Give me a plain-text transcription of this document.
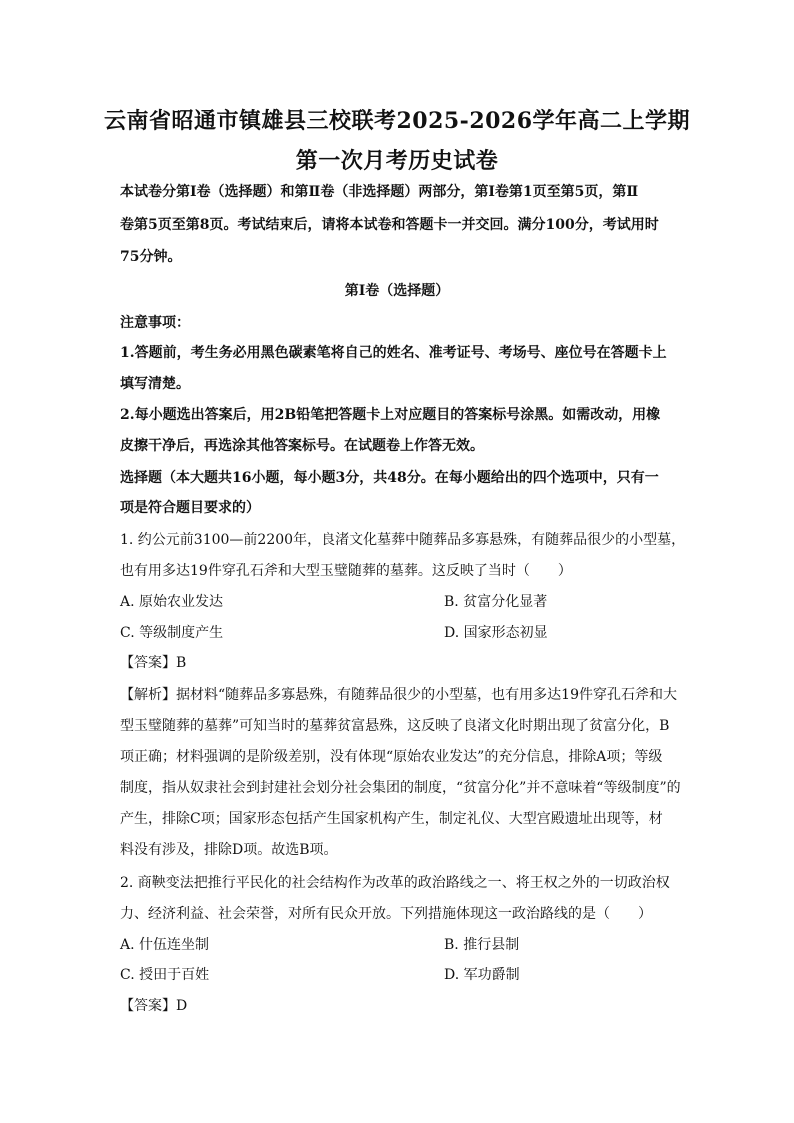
云南省昭通市镇雄县三校联考2025-2026学年高二上学期
第一次月考历史试卷
本试卷分第Ⅰ卷（选择题）和第Ⅱ卷（非选择题）两部分，第Ⅰ卷第1页至第5页，第Ⅱ
卷第5页至第8页。考试结束后，请将本试卷和答题卡一并交回。满分100分，考试用时
75分钟。
第Ⅰ卷（选择题）
注意事项：
1.答题前，考生务必用黑色碳素笔将自己的姓名、准考证号、考场号、座位号在答题卡上
填写清楚。
2.每小题选出答案后，用2B铅笔把答题卡上对应题目的答案标号涂黑。如需改动，用橡
皮擦干净后，再选涂其他答案标号。在试题卷上作答无效。
选择题（本大题共16小题，每小题3分，共48分。在每小题给出的四个选项中，只有一
项是符合题目要求的）
1. 约公元前3100—前2200年，良渚文化墓葬中随葬品多寡悬殊，有随葬品很少的小型墓，
也有用多达19件穿孔石斧和大型玉璧随葬的墓葬。这反映了当时（　　）
A. 原始农业发达	B. 贫富分化显著
C. 等级制度产生	D. 国家形态初显
【答案】B
【解析】据材料“随葬品多寡悬殊，有随葬品很少的小型墓，也有用多达19件穿孔石斧和大
型玉璧随葬的墓葬”可知当时的墓葬贫富悬殊，这反映了良渚文化时期出现了贫富分化，B
项正确；材料强调的是阶级差别，没有体现“原始农业发达”的充分信息，排除A项；等级
制度，指从奴隶社会到封建社会划分社会集团的制度，“贫富分化”并不意味着“等级制度”的
产生，排除C项；国家形态包括产生国家机构产生，制定礼仪、大型宫殿遗址出现等，材
料没有涉及，排除D项。故选B项。
2. 商鞅变法把推行平民化的社会结构作为改革的政治路线之一、将王权之外的一切政治权
力、经济利益、社会荣誉，对所有民众开放。下列措施体现这一政治路线的是（　　）
A. 什伍连坐制	B. 推行县制
C. 授田于百姓	D. 军功爵制
【答案】D
